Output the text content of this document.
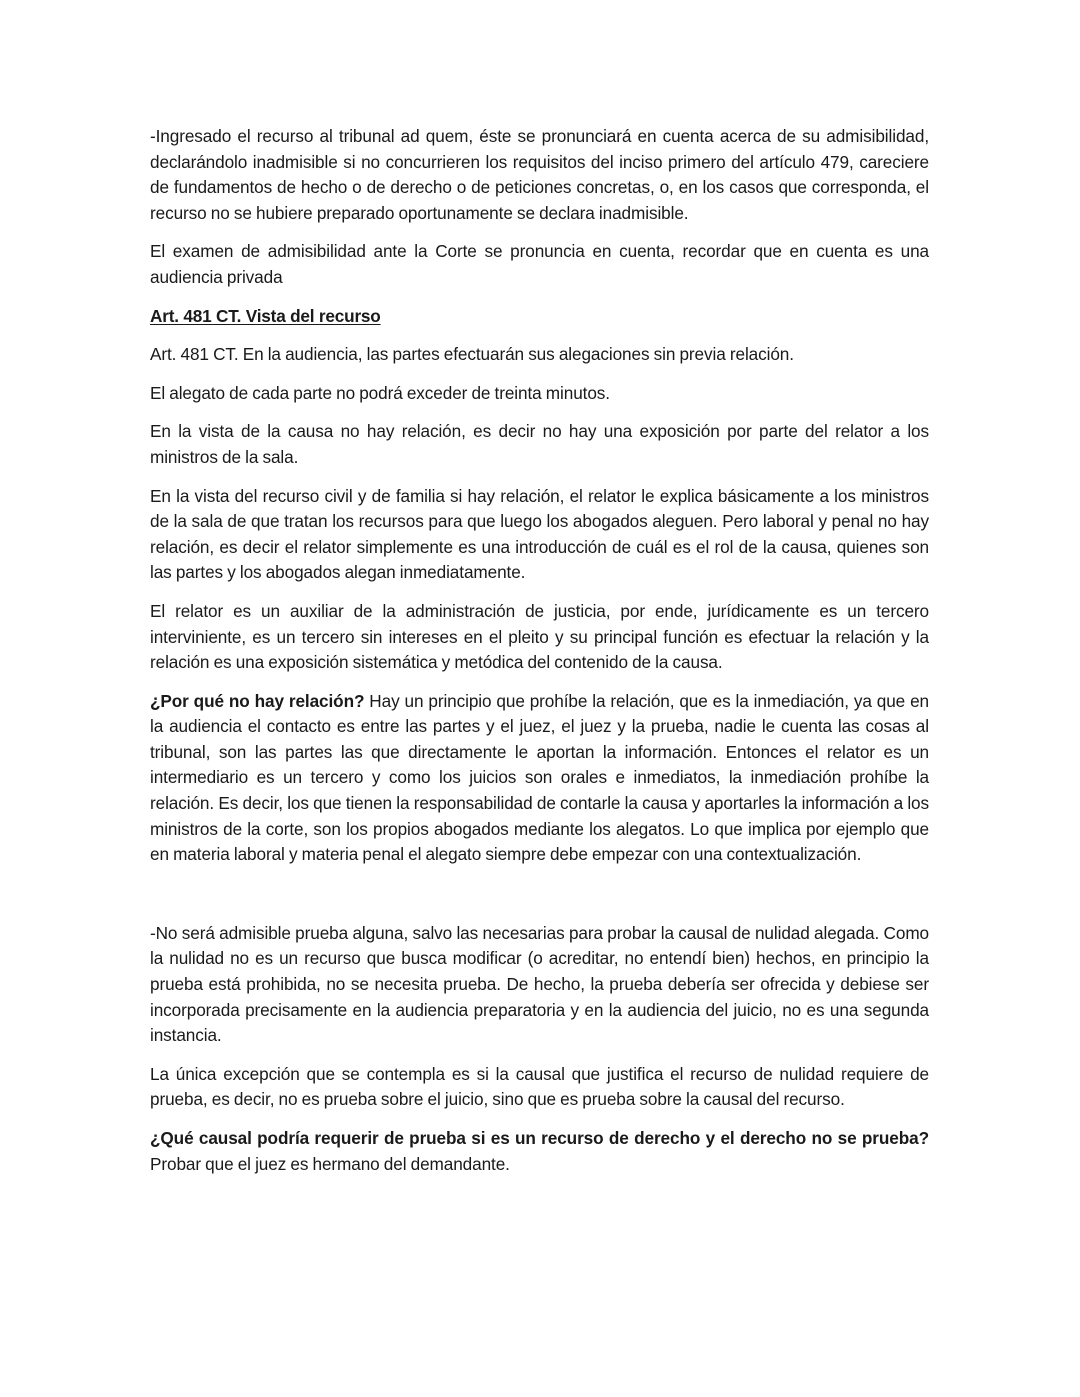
-Ingresado el recurso al tribunal ad quem, éste se pronunciará en cuenta acerca de su admisibilidad, declarándolo inadmisible si no concurrieren los requisitos del inciso primero del artículo 479, careciere de fundamentos de hecho o de derecho o de peticiones concretas, o, en los casos que corresponda, el recurso no se hubiere preparado oportunamente se declara inadmisible.

El examen de admisibilidad ante la Corte se pronuncia en cuenta, recordar que en cuenta es una audiencia privada

Art. 481 CT. Vista del recurso

Art. 481 CT. En la audiencia, las partes efectuarán sus alegaciones sin previa relación.

El alegato de cada parte no podrá exceder de treinta minutos.

En la vista de la causa no hay relación, es decir no hay una exposición por parte del relator a los ministros de la sala.

En la vista del recurso civil y de familia si hay relación, el relator le explica básicamente a los ministros de la sala de que tratan los recursos para que luego los abogados aleguen. Pero laboral y penal no hay relación, es decir el relator simplemente es una introducción de cuál es el rol de la causa, quienes son las partes y los abogados alegan inmediatamente.

El relator es un auxiliar de la administración de justicia, por ende, jurídicamente es un tercero interviniente, es un tercero sin intereses en el pleito y su principal función es efectuar la relación y la relación es una exposición sistemática y metódica del contenido de la causa.

¿Por qué no hay relación? Hay un principio que prohíbe la relación, que es la inmediación, ya que en la audiencia el contacto es entre las partes y el juez, el juez y la prueba, nadie le cuenta las cosas al tribunal, son las partes las que directamente le aportan la información. Entonces el relator es un intermediario es un tercero y como los juicios son orales e inmediatos, la inmediación prohíbe la relación. Es decir, los que tienen la responsabilidad de contarle la causa y aportarles la información a los ministros de la corte, son los propios abogados mediante los alegatos. Lo que implica por ejemplo que en materia laboral y materia penal el alegato siempre debe empezar con una contextualización.

-No será admisible prueba alguna, salvo las necesarias para probar la causal de nulidad alegada. Como la nulidad no es un recurso que busca modificar (o acreditar, no entendí bien) hechos, en principio la prueba está prohibida, no se necesita prueba. De hecho, la prueba debería ser ofrecida y debiese ser incorporada precisamente en la audiencia preparatoria y en la audiencia del juicio, no es una segunda instancia.

La única excepción que se contempla es si la causal que justifica el recurso de nulidad requiere de prueba, es decir, no es prueba sobre el juicio, sino que es prueba sobre la causal del recurso.

¿Qué causal podría requerir de prueba si es un recurso de derecho y el derecho no se prueba? Probar que el juez es hermano del demandante.
